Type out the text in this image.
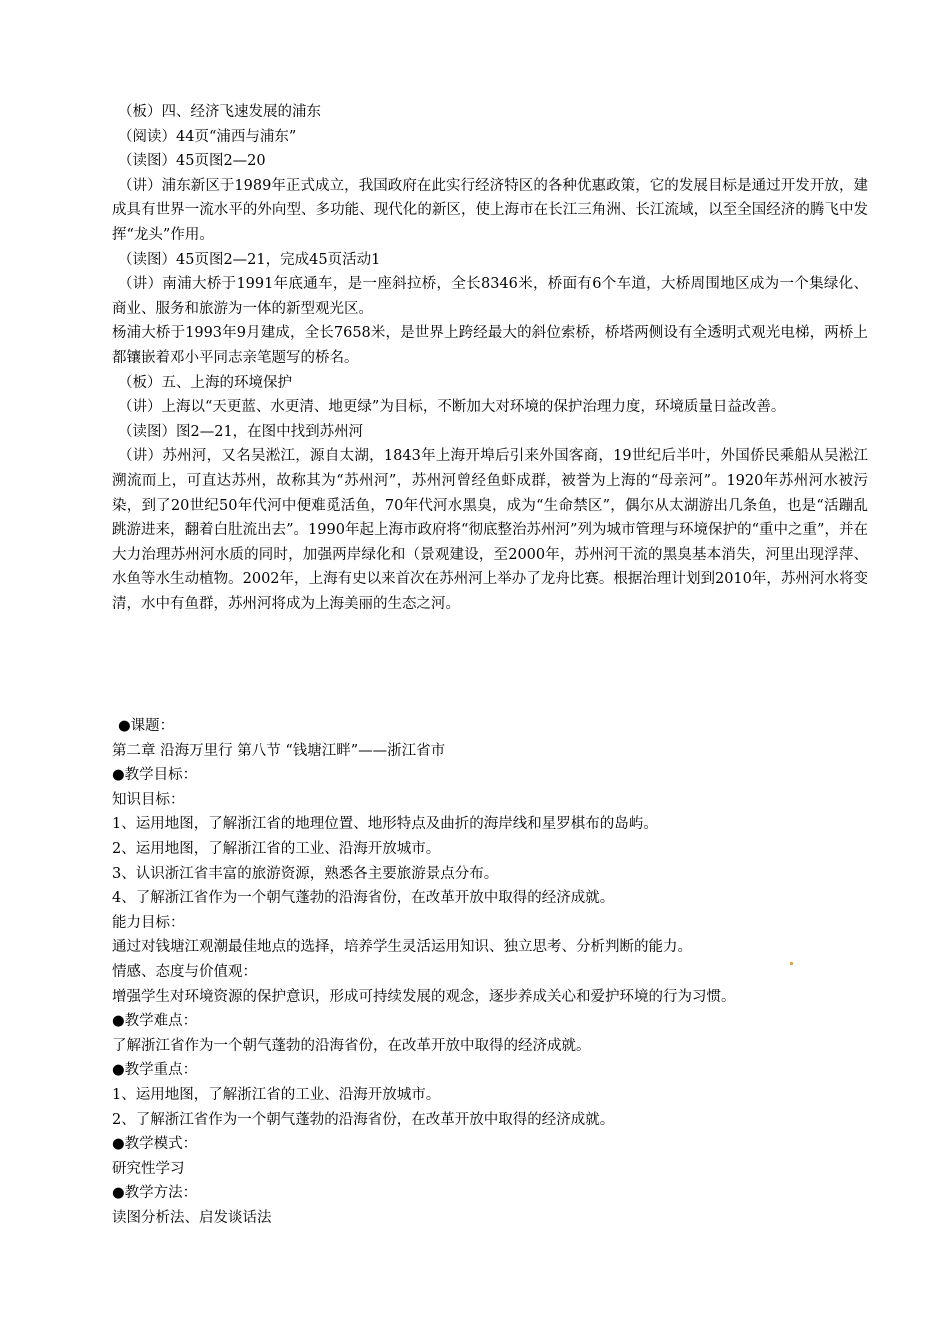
（板）四、经济飞速发展的浦东

（阅读）44页“浦西与浦东”

（读图）45页图2—20

（讲）浦东新区于1989年正式成立，我国政府在此实行经济特区的各种优惠政策，它的发展目标是通过开发开放，建成具有世界一流水平的外向型、多功能、现代化的新区，使上海市在长江三角洲、长江流域，以至全国经济的腾飞中发挥“龙头”作用。

（读图）45页图2—21，完成45页活动1

（讲）南浦大桥于1991年底通车，是一座斜拉桥，全长8346米，桥面有6个车道，大桥周围地区成为一个集绿化、商业、服务和旅游为一体的新型观光区。

杨浦大桥于1993年9月建成，全长7658米，是世界上跨经最大的斜位索桥，桥塔两侧设有全透明式观光电梯，两桥上都镶嵌着邓小平同志亲笔题写的桥名。

（板）五、上海的环境保护

（讲）上海以“天更蓝、水更清、地更绿”为目标，不断加大对环境的保护治理力度，环境质量日益改善。

（读图）图2—21，在图中找到苏州河

（讲）苏州河，又名吴淞江，源自太湖，1843年上海开埠后引来外国客商，19世纪后半叶，外国侨民乘船从吴淞江溯流而上，可直达苏州，故称其为“苏州河”，苏州河曾经鱼虾成群，被誉为上海的“母亲河”。1920年苏州河水被污染，到了20世纪50年代河中便难觅活鱼，70年代河水黑臭，成为“生命禁区”，偶尔从太湖游出几条鱼，也是“活蹦乱跳游进来，翻着白肚流出去”。1990年起上海市政府将“彻底整治苏州河”列为城市管理与环境保护的“重中之重”，并在大力治理苏州河水质的同时，加强两岸绿化和（景观建设，至2000年，苏州河干流的黑臭基本消失，河里出现浮萍、水鱼等水生动植物。2002年，上海有史以来首次在苏州河上举办了龙舟比赛。根据治理计划到2010年，苏州河水将变清，水中有鱼群，苏州河将成为上海美丽的生态之河。

●课题：

第二章 沿海万里行 第八节 “钱塘江畔”——浙江省市

●教学目标：

知识目标：

1、运用地图，了解浙江省的地理位置、地形特点及曲折的海岸线和星罗棋布的岛屿。

2、运用地图，了解浙江省的工业、沿海开放城市。

3、认识浙江省丰富的旅游资源，熟悉各主要旅游景点分布。

4、了解浙江省作为一个朝气蓬勃的沿海省份，在改革开放中取得的经济成就。

能力目标：

通过对钱塘江观潮最佳地点的选择，培养学生灵活运用知识、独立思考、分析判断的能力。

情感、态度与价值观：

增强学生对环境资源的保护意识，形成可持续发展的观念，逐步养成关心和爱护环境的行为习惯。

●教学难点：

了解浙江省作为一个朝气蓬勃的沿海省份，在改革开放中取得的经济成就。

●教学重点：

1、运用地图，了解浙江省的工业、沿海开放城市。

2、了解浙江省作为一个朝气蓬勃的沿海省份，在改革开放中取得的经济成就。

●教学模式：

研究性学习

●教学方法：

读图分析法、启发谈话法
